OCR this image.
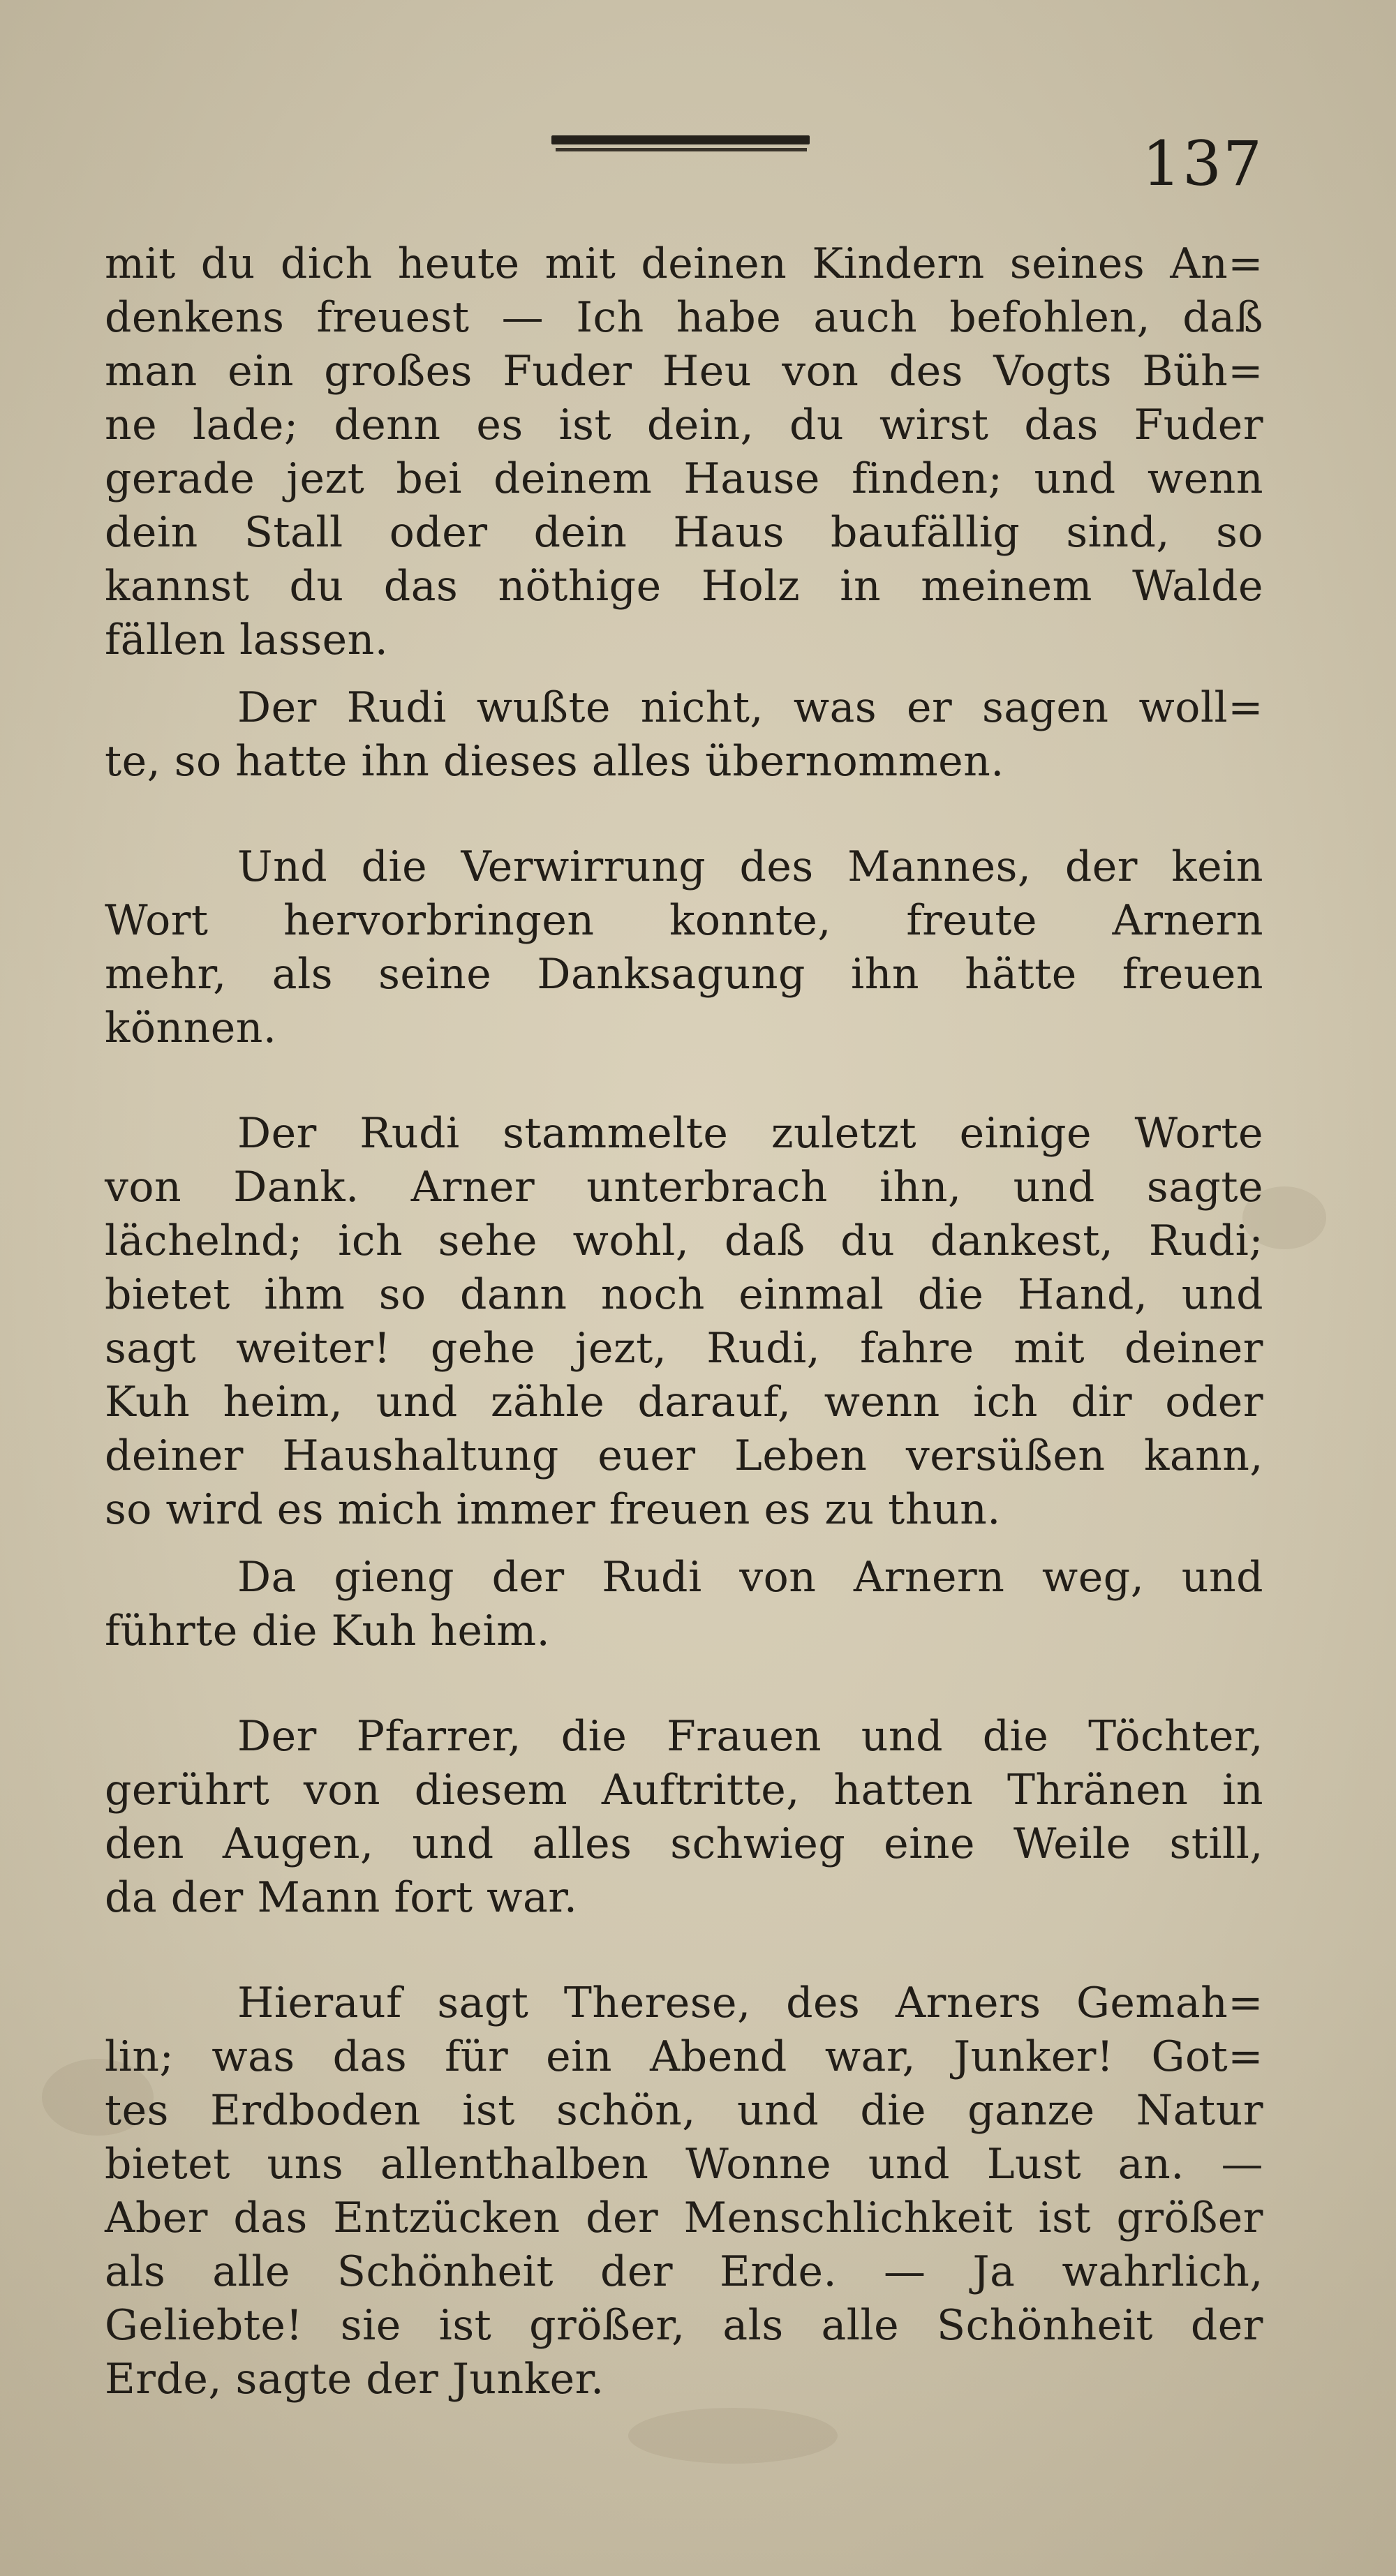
137
mit du dich heute mit deinen Kindern seines An=
denkens freuest — Ich habe auch befohlen, daß
man ein großes Fuder Heu von des Vogts Büh=
ne lade; denn es ist dein, du wirst das Fuder
gerade jezt bei deinem Hause finden; und wenn
dein Stall oder dein Haus baufällig sind, so
kannst du das nöthige Holz in meinem Walde
fällen lassen.
Der Rudi wußte nicht, was er sagen woll=
te, so hatte ihn dieses alles übernommen.
Und die Verwirrung des Mannes, der kein
Wort hervorbringen konnte, freute Arnern
mehr, als seine Danksagung ihn hätte freuen
können.
Der Rudi stammelte zuletzt einige Worte
von Dank. Arner unterbrach ihn, und sagte
lächelnd; ich sehe wohl, daß du dankest, Rudi;
bietet ihm so dann noch einmal die Hand, und
sagt weiter! gehe jezt, Rudi, fahre mit deiner
Kuh heim, und zähle darauf, wenn ich dir oder
deiner Haushaltung euer Leben versüßen kann,
so wird es mich immer freuen es zu thun.
Da gieng der Rudi von Arnern weg, und
führte die Kuh heim.
Der Pfarrer, die Frauen und die Töchter,
gerührt von diesem Auftritte, hatten Thränen in
den Augen, und alles schwieg eine Weile still,
da der Mann fort war.
Hierauf sagt Therese, des Arners Gemah=
lin; was das für ein Abend war, Junker! Got=
tes Erdboden ist schön, und die ganze Natur
bietet uns allenthalben Wonne und Lust an. —
Aber das Entzücken der Menschlichkeit ist größer
als alle Schönheit der Erde. — Ja wahrlich,
Geliebte! sie ist größer, als alle Schönheit der
Erde, sagte der Junker.
